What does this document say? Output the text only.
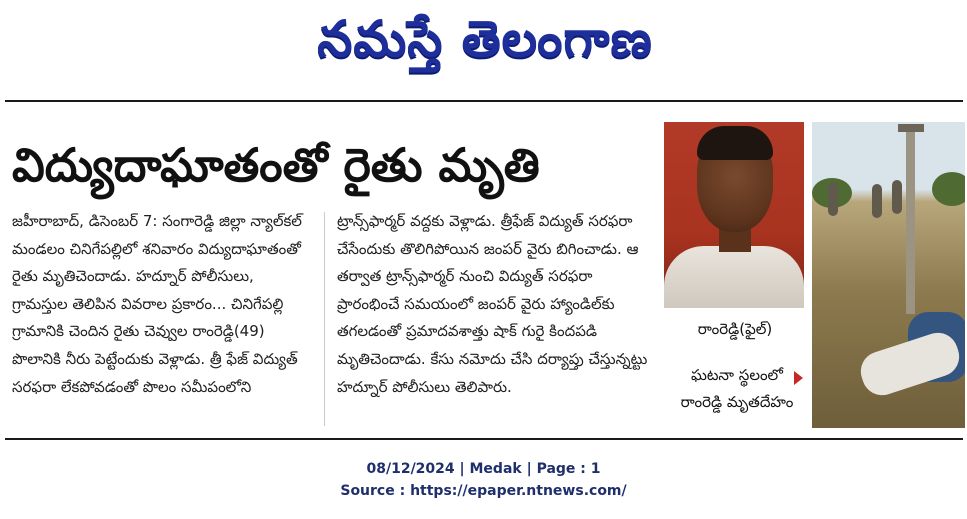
నమస్తే తెలంగాణ
విద్యుదాఘాతంతో రైతు మృతి

జహీరాబాద్, డిసెంబర్ 7: సంగారెడ్డి జిల్లా న్యాల్‌కల్ మండలం చినిగేపల్లిలో శనివారం విద్యుదాఘాతంతో రైతు మృతిచెందాడు. హద్నూర్ పోలీసులు, గ్రామస్తుల తెలిపిన వివరాల ప్రకారం... చినిగేపల్లి గ్రామానికి చెందిన రైతు చెవ్వుల రాంరెడ్డి(49) పొలానికి నీరు పెట్టేందుకు వెళ్లాడు. త్రీ ఫేజ్ విద్యుత్ సరఫరా లేకపోవడంతో పొలం సమీపంలోని

ట్రాన్స్‌ఫార్మర్ వద్దకు వెళ్లాడు. త్రీఫేజ్ విద్యుత్ సరఫరా చేసేందుకు తొలిగిపోయిన జంపర్ వైరు బిగించాడు. ఆ తర్వాత ట్రాన్స్‌ఫార్మర్ నుంచి విద్యుత్ సరఫరా ప్రారంభించే సమయంలో జంపర్ వైరు హ్యాండిల్‌కు తగలడంతో ప్రమాదవశాత్తు షాక్ గురై కిందపడి మృతిచెందాడు. కేసు నమోదు చేసి దర్యాప్తు చేస్తున్నట్టు హద్నూర్ పోలీసులు తెలిపారు.

రాంరెడ్డి(ఫైల్)
ఘటనా స్థలంలో
రాంరెడ్డి మృతదేహం
08/12/2024 | Medak | Page : 1
Source : https://epaper.ntnews.com/
